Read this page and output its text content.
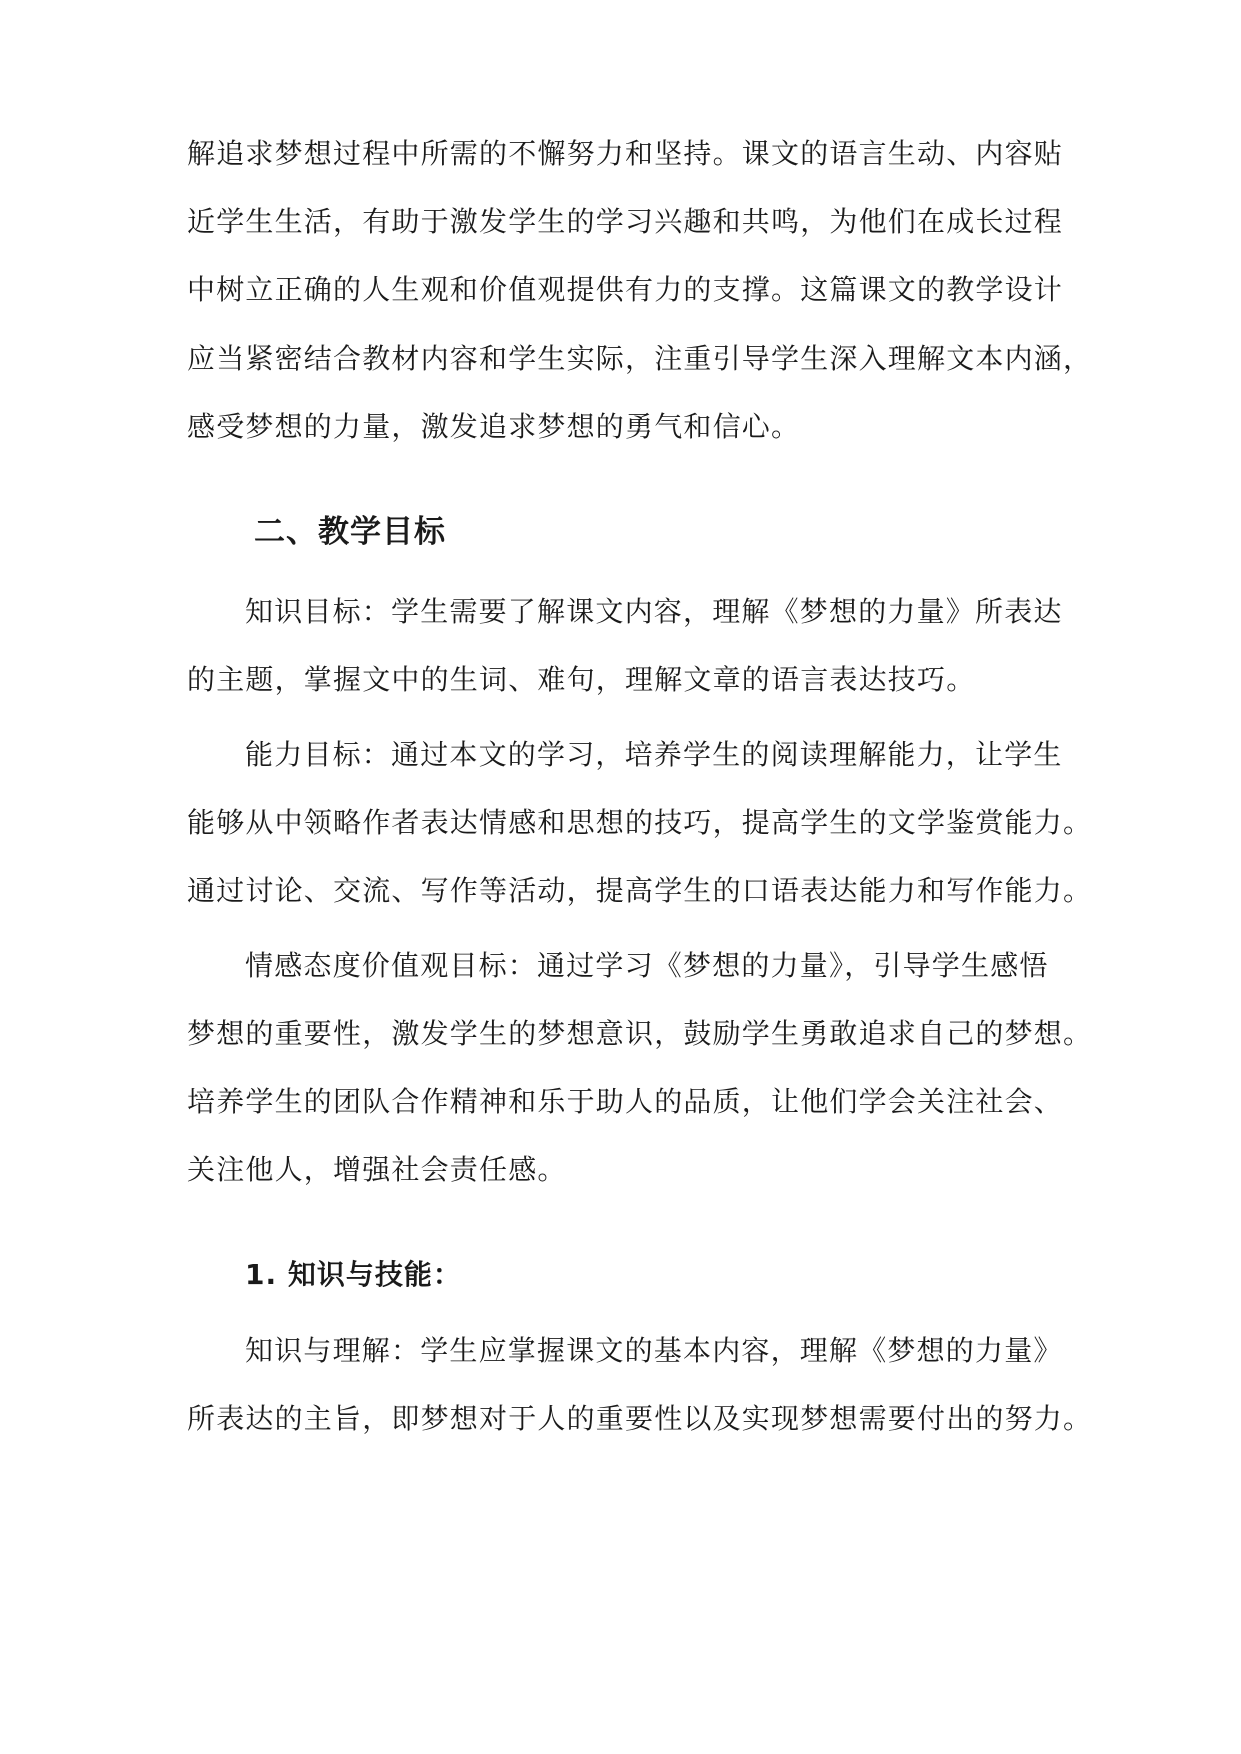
解追求梦想过程中所需的不懈努力和坚持。课文的语言生动、内容贴
近学生生活，有助于激发学生的学习兴趣和共鸣，为他们在成长过程
中树立正确的人生观和价值观提供有力的支撑。这篇课文的教学设计
应当紧密结合教材内容和学生实际，注重引导学生深入理解文本内涵，
感受梦想的力量，激发追求梦想的勇气和信心。
二、教学目标
知识目标：学生需要了解课文内容，理解《梦想的力量》所表达
的主题，掌握文中的生词、难句，理解文章的语言表达技巧。
能力目标：通过本文的学习，培养学生的阅读理解能力，让学生
能够从中领略作者表达情感和思想的技巧，提高学生的文学鉴赏能力。
通过讨论、交流、写作等活动，提高学生的口语表达能力和写作能力。
情感态度价值观目标：通过学习《梦想的力量》，引导学生感悟
梦想的重要性，激发学生的梦想意识，鼓励学生勇敢追求自己的梦想。
培养学生的团队合作精神和乐于助人的品质，让他们学会关注社会、
关注他人，增强社会责任感。
1. 知识与技能：
知识与理解：学生应掌握课文的基本内容，理解《梦想的力量》
所表达的主旨，即梦想对于人的重要性以及实现梦想需要付出的努力。
